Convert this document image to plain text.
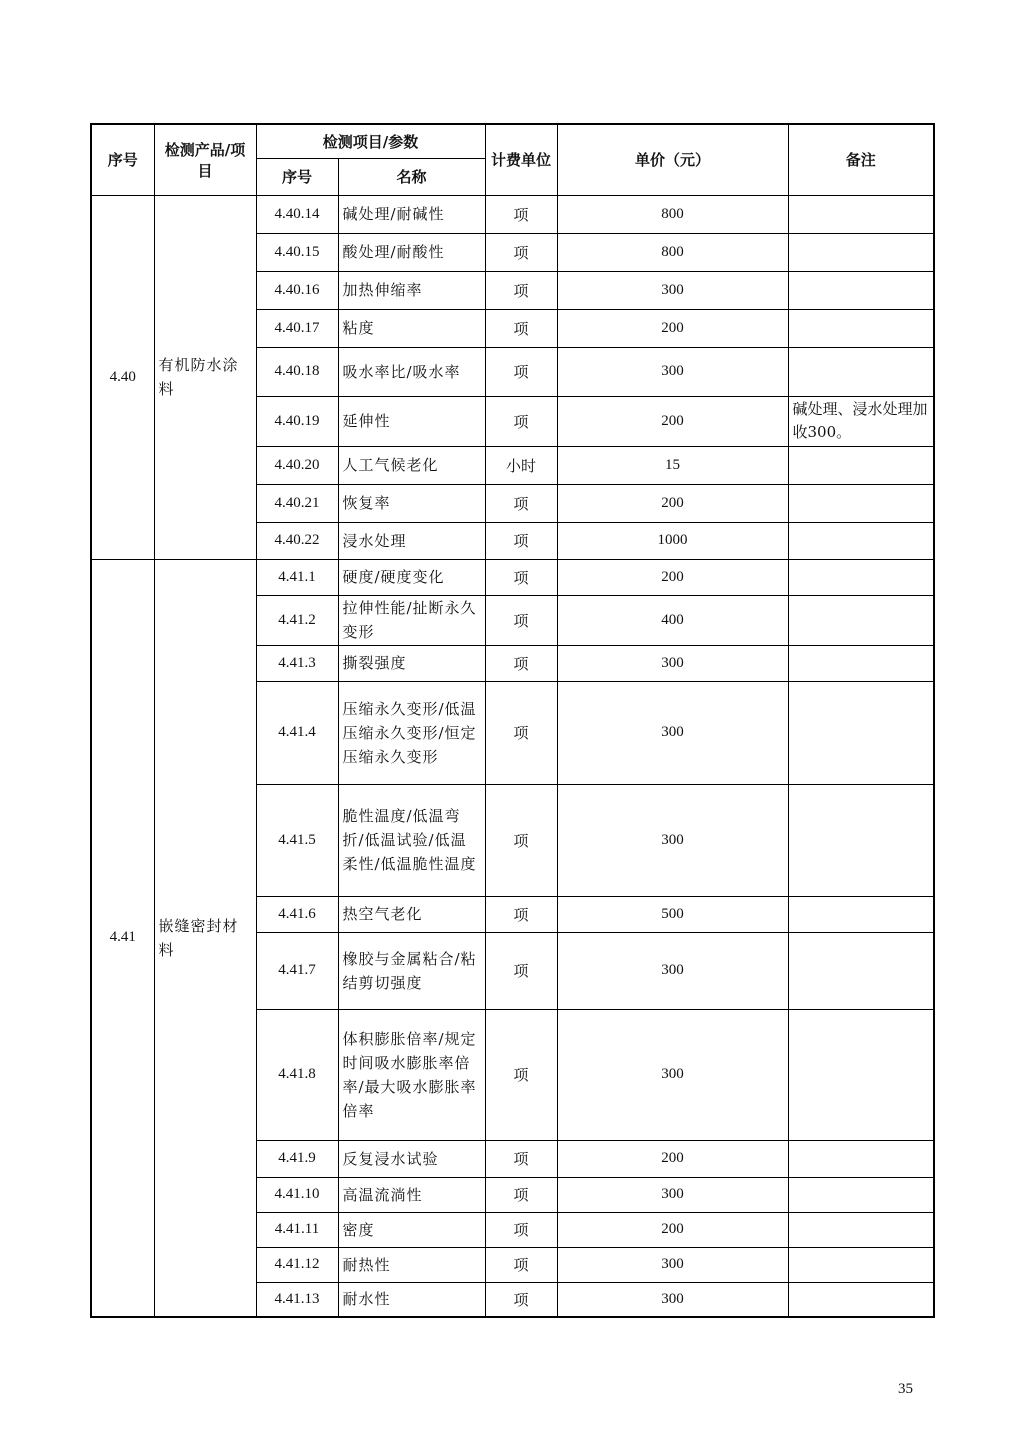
序号	检测产品/项目	检测项目/参数		计费单位	单价（元）	备注
		序号	名称			
4.40	有机防水涂料	4.40.14	碱处理/耐碱性	项	800	
		4.40.15	酸处理/耐酸性	项	800	
		4.40.16	加热伸缩率	项	300	
		4.40.17	粘度	项	200	
		4.40.18	吸水率比/吸水率	项	300	
		4.40.19	延伸性	项	200	碱处理、浸水处理加收300。
		4.40.20	人工气候老化	小时	15	
		4.40.21	恢复率	项	200	
		4.40.22	浸水处理	项	1000	
4.41	嵌缝密封材料	4.41.1	硬度/硬度变化	项	200	
		4.41.2	拉伸性能/扯断永久变形	项	400	
		4.41.3	撕裂强度	项	300	
		4.41.4	压缩永久变形/低温压缩永久变形/恒定压缩永久变形	项	300	
		4.41.5	脆性温度/低温弯折/低温试验/低温柔性/低温脆性温度	项	300	
		4.41.6	热空气老化	项	500	
		4.41.7	橡胶与金属粘合/粘结剪切强度	项	300	
		4.41.8	体积膨胀倍率/规定时间吸水膨胀率倍率/最大吸水膨胀率倍率	项	300	
		4.41.9	反复浸水试验	项	200	
		4.41.10	高温流淌性	项	300	
		4.41.11	密度	项	200	
		4.41.12	耐热性	项	300	
		4.41.13	耐水性	项	300	
35
